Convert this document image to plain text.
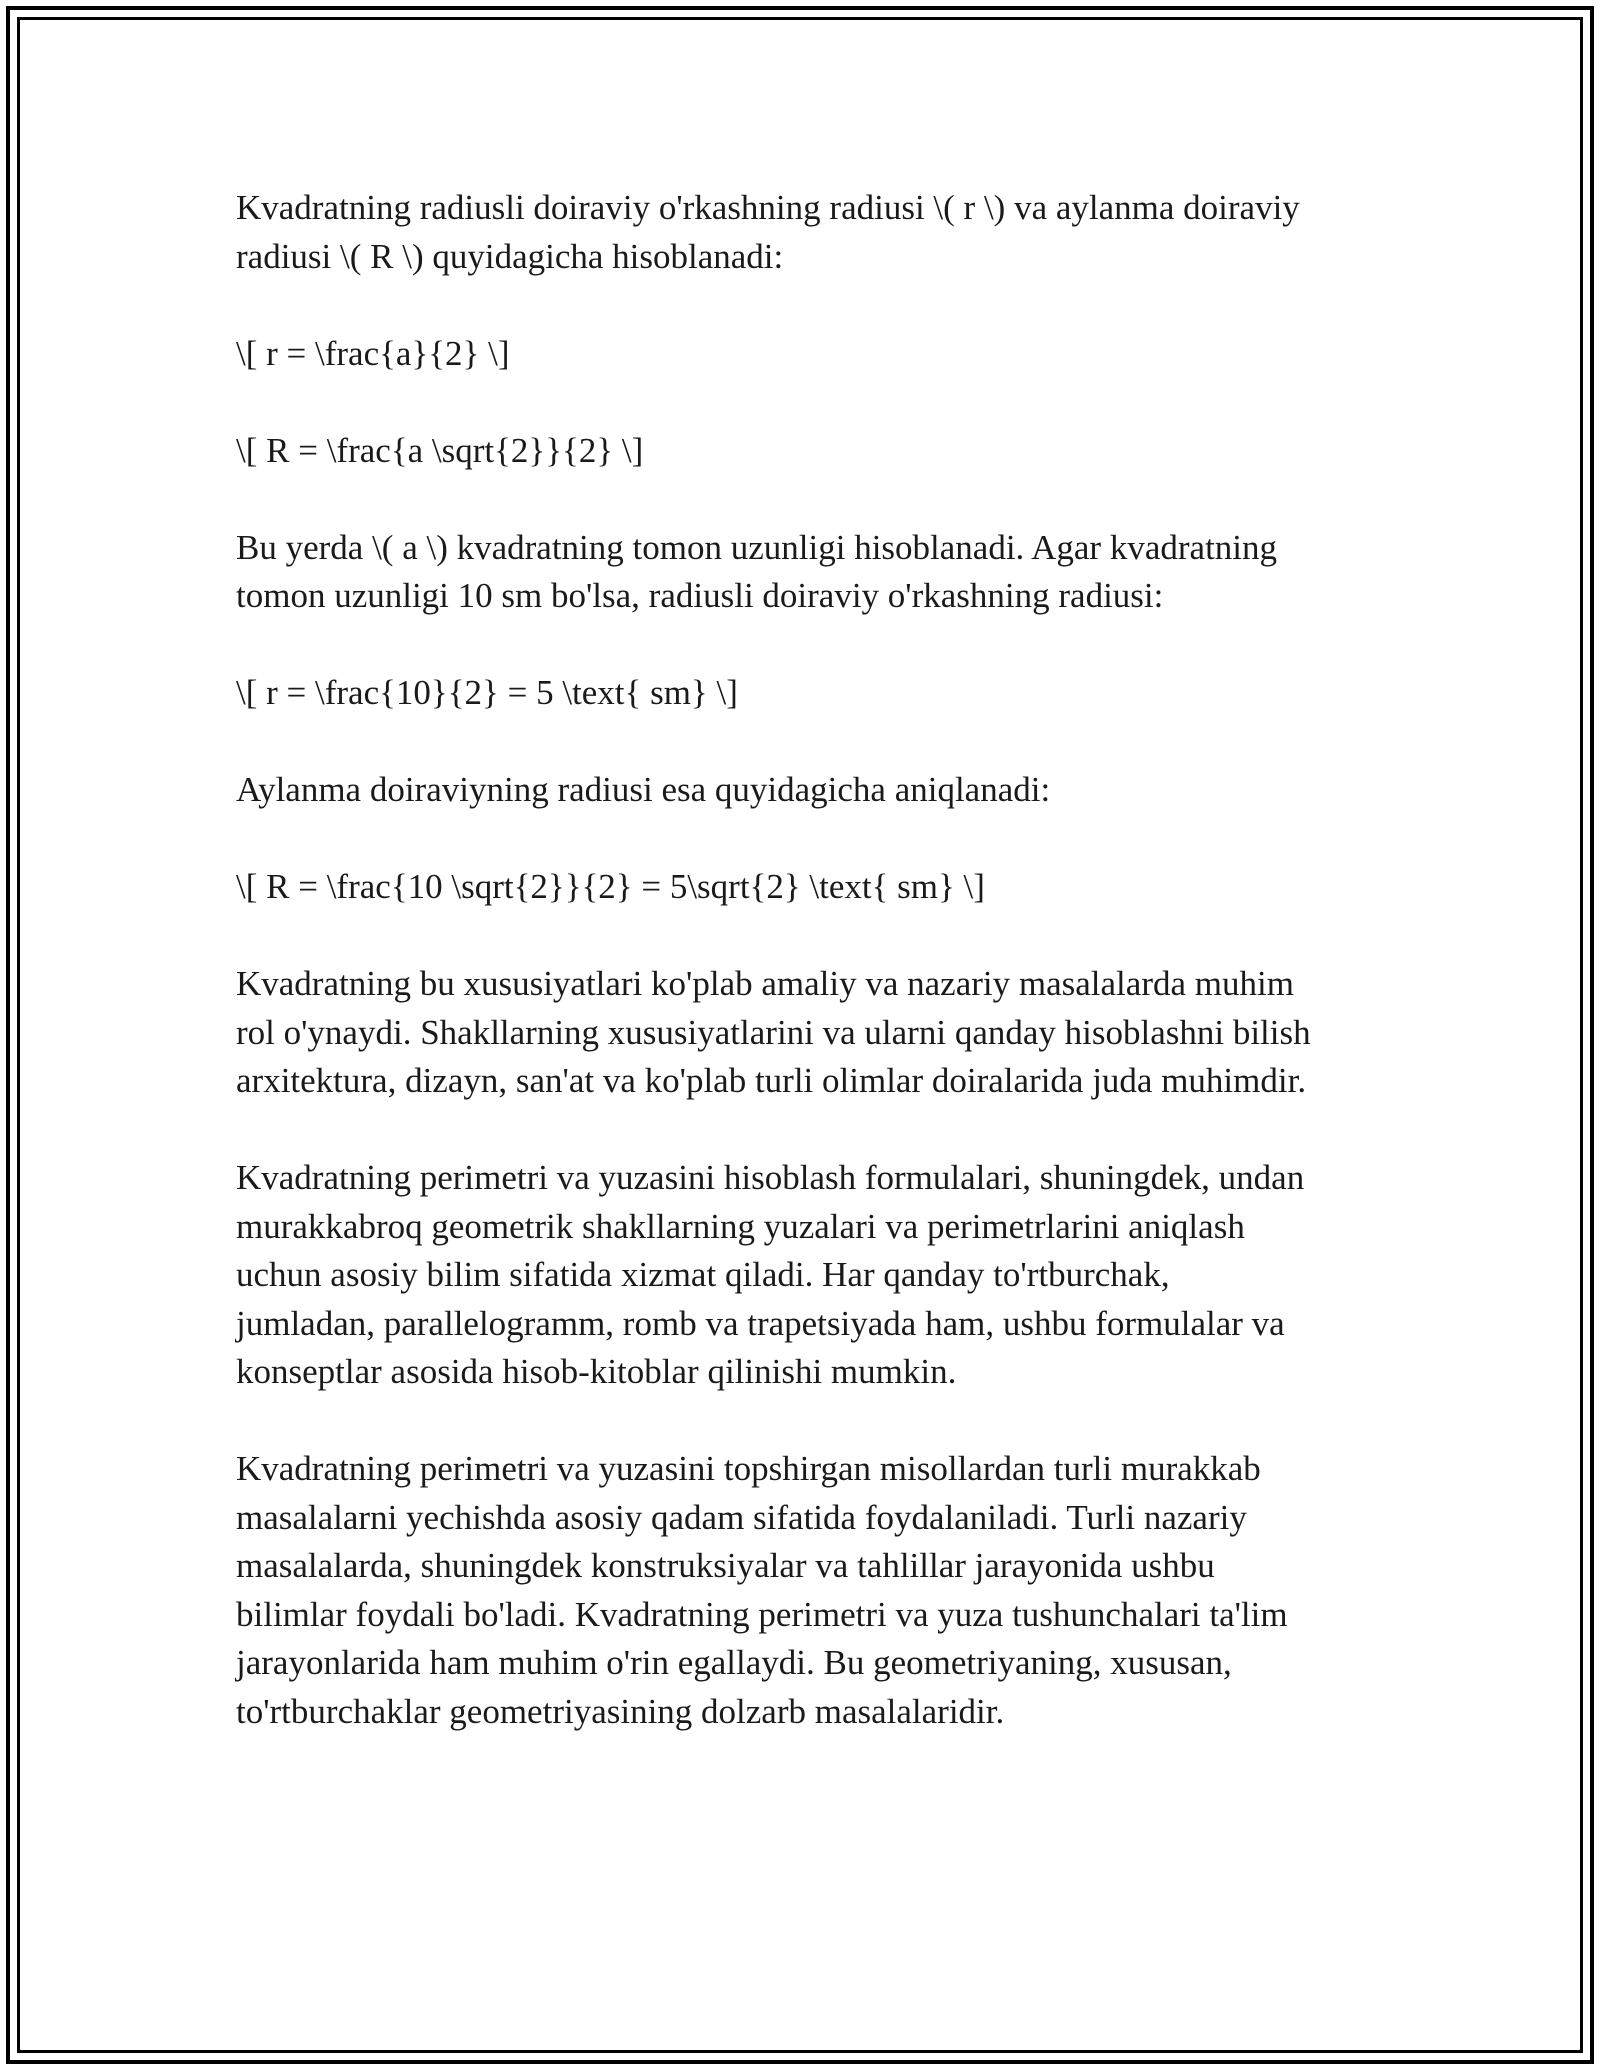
Kvadratning radiusli doiraviy o'rkashning radiusi \( r \) va aylanma doiraviy
radiusi \( R \) quyidagicha hisoblanadi:

\[ r = \frac{a}{2} \]

\[ R = \frac{a \sqrt{2}}{2} \]

Bu yerda \( a \) kvadratning tomon uzunligi hisoblanadi. Agar kvadratning
tomon uzunligi 10 sm bo'lsa, radiusli doiraviy o'rkashning radiusi:

\[ r = \frac{10}{2} = 5 \text{ sm} \]

Aylanma doiraviyning radiusi esa quyidagicha aniqlanadi:

\[ R = \frac{10 \sqrt{2}}{2} = 5\sqrt{2} \text{ sm} \]

Kvadratning bu xususiyatlari ko'plab amaliy va nazariy masalalarda muhim
rol o'ynaydi. Shakllarning xususiyatlarini va ularni qanday hisoblashni bilish
arxitektura, dizayn, san'at va ko'plab turli olimlar doiralarida juda muhimdir.

Kvadratning perimetri va yuzasini hisoblash formulalari, shuningdek, undan
murakkabroq geometrik shakllarning yuzalari va perimetrlarini aniqlash
uchun asosiy bilim sifatida xizmat qiladi. Har qanday to'rtburchak,
jumladan, parallelogramm, romb va trapetsiyada ham, ushbu formulalar va
konseptlar asosida hisob-kitoblar qilinishi mumkin.

Kvadratning perimetri va yuzasini topshirgan misollardan turli murakkab
masalalarni yechishda asosiy qadam sifatida foydalaniladi. Turli nazariy
masalalarda, shuningdek konstruksiyalar va tahlillar jarayonida ushbu
bilimlar foydali bo'ladi. Kvadratning perimetri va yuza tushunchalari ta'lim
jarayonlarida ham muhim o'rin egallaydi. Bu geometriyaning, xususan,
to'rtburchaklar geometriyasining dolzarb masalalaridir.
